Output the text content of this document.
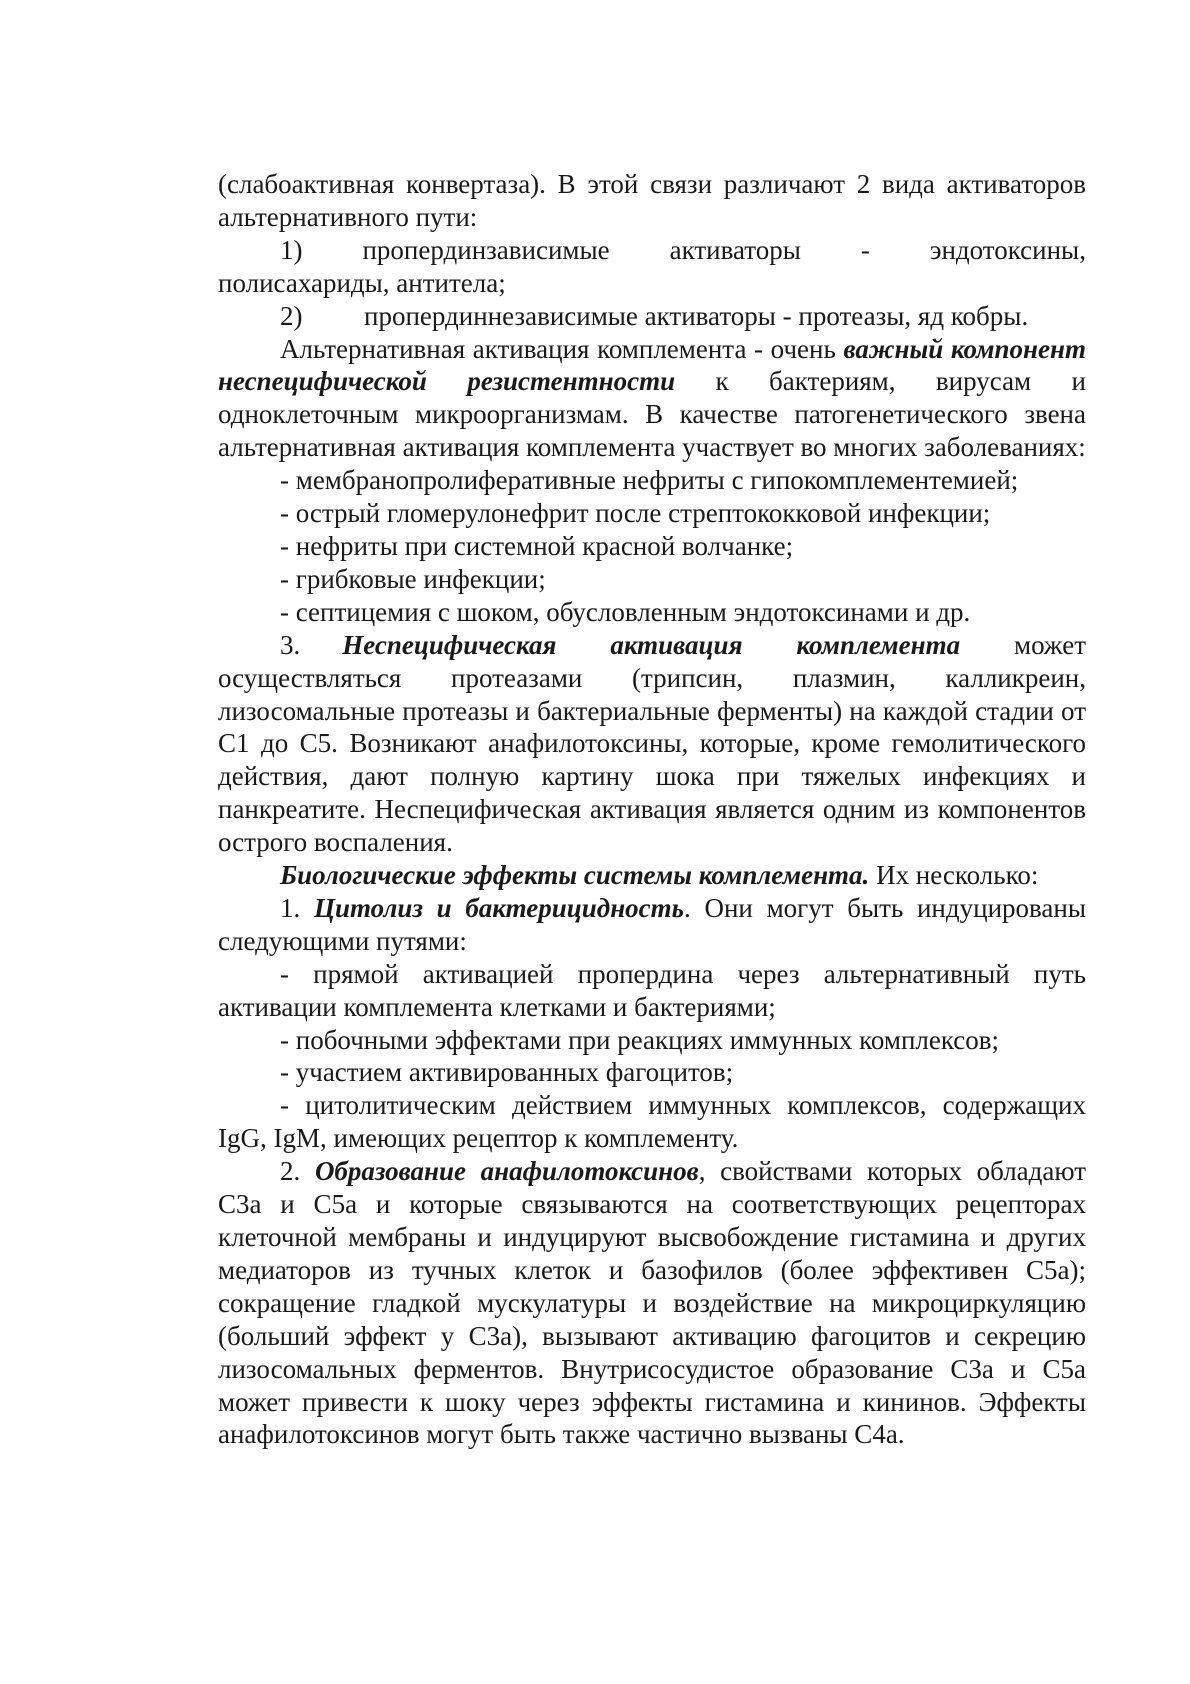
(слабоактивная конвертаза). В этой связи различают 2 вида активаторов альтернативного пути:

1) пропердинзависимые активаторы - эндотоксины,

полисахариды, антитела;

2) пропердиннезависимые активаторы - протеазы, яд кобры.

Альтернативная активация комплемента - очень важный компонент неспецифической резистентности к бактериям, вирусам и одноклеточным микроорганизмам. В качестве патогенетического звена альтернативная активация комплемента участвует во многих заболеваниях:

- мембранопролиферативные нефриты с гипокомплементемией;

- острый гломерулонефрит после стрептококковой инфекции;

- нефриты при системной красной волчанке;

- грибковые инфекции;

- септицемия с шоком, обусловленным эндотоксинами и др.

3. Неспецифическая активация комплемента может осуществляться протеазами (трипсин, плазмин, калликреин, лизосомальные протеазы и бактериальные ферменты) на каждой стадии от С1 до С5. Возникают анафилотоксины, которые, кроме гемолитического действия, дают полную картину шока при тяжелых инфекциях и панкреатите. Неспецифическая активация является одним из компонентов острого воспаления.

Биологические эффекты системы комплемента. Их несколько:

1. Цитолиз и бактерицидность. Они могут быть индуцированы следующими путями:

- прямой активацией пропердина через альтернативный путь активации комплемента клетками и бактериями;

- побочными эффектами при реакциях иммунных комплексов;

- участием активированных фагоцитов;

- цитолитическим действием иммунных комплексов, содержащих IgG, IgM, имеющих рецептор к комплементу.

2. Образование анафилотоксинов, свойствами которых обладают С3а и С5а и которые связываются на соответствующих рецепторах клеточной мембраны и индуцируют высвобождение гистамина и других медиаторов из тучных клеток и базофилов (более эффективен С5а); сокращение гладкой мускулатуры и воздействие на микроциркуляцию (больший эффект у С3а), вызывают активацию фагоцитов и секрецию лизосомальных ферментов. Внутрисосудистое образование С3а и С5а может привести к шоку через эффекты гистамина и кининов. Эффекты анафилотоксинов могут быть также частично вызваны С4а.
